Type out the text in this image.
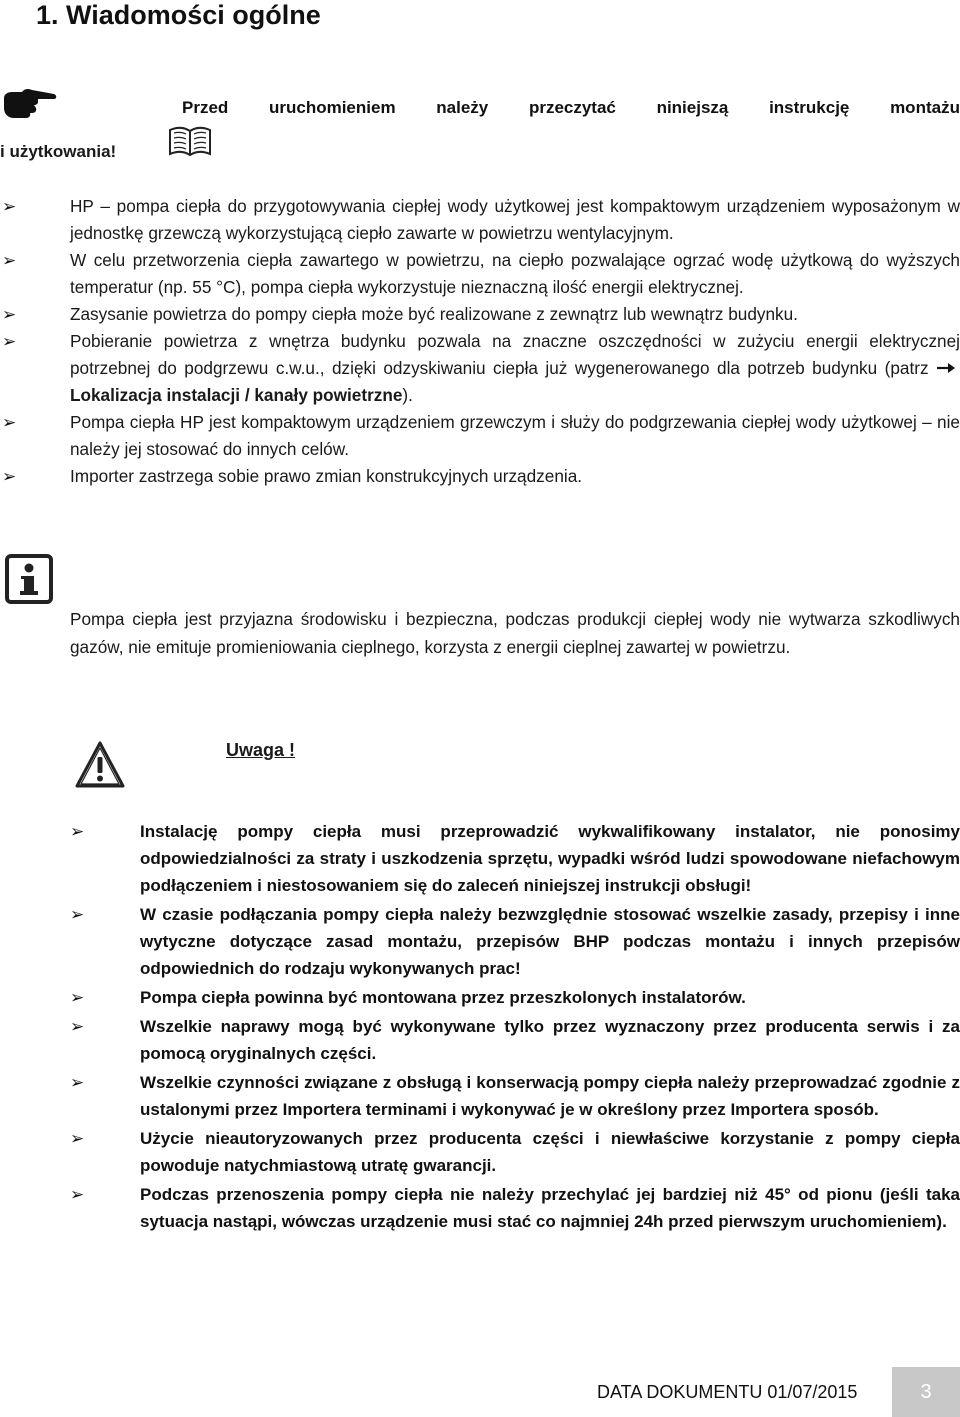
1. Wiadomości ogólne
Przed uruchomieniem należy przeczytać niniejszą instrukcję montażu
i użytkowania!
➢	HP – pompa ciepła do przygotowywania ciepłej wody użytkowej jest kompaktowym urządzeniem wyposażonym w jednostkę grzewczą wykorzystującą ciepło zawarte w powietrzu wentylacyjnym.
➢	W celu przetworzenia ciepła zawartego w powietrzu, na ciepło pozwalające ogrzać wodę użytkową do wyższych temperatur (np. 55 °C), pompa ciepła wykorzystuje nieznaczną ilość energii elektrycznej.
➢	Zasysanie powietrza do pompy ciepła może być realizowane z zewnątrz lub wewnątrz budynku.
➢	Pobieranie powietrza z wnętrza budynku pozwala na znaczne oszczędności w zużyciu energii elektrycznej potrzebnej do podgrzewu c.w.u., dzięki odzyskiwaniu ciepła już wygenerowanego dla potrzeb budynku (patrz Lokalizacja instalacji / kanały powietrzne).
➢	Pompa ciepła HP jest kompaktowym urządzeniem grzewczym i służy do podgrzewania ciepłej wody użytkowej – nie należy jej stosować do innych celów.
➢	Importer zastrzega sobie prawo zmian konstrukcyjnych urządzenia.
Pompa ciepła jest przyjazna środowisku i bezpieczna, podczas produkcji ciepłej wody nie wytwarza szkodliwych gazów, nie emituje promieniowania cieplnego, korzysta z energii cieplnej zawartej w powietrzu.
Uwaga !
➢	Instalację pompy ciepła musi przeprowadzić wykwalifikowany instalator, nie ponosimy odpowiedzialności za straty i uszkodzenia sprzętu, wypadki wśród ludzi spowodowane niefachowym podłączeniem i niestosowaniem się do zaleceń niniejszej instrukcji obsługi!
➢	W czasie podłączania pompy ciepła należy bezwzględnie stosować wszelkie zasady, przepisy i inne wytyczne dotyczące zasad montażu, przepisów BHP podczas montażu i innych przepisów odpowiednich do rodzaju wykonywanych prac!
➢	Pompa ciepła powinna być montowana przez przeszkolonych instalatorów.
➢	Wszelkie naprawy mogą być wykonywane tylko przez wyznaczony przez producenta serwis i za pomocą oryginalnych części.
➢	Wszelkie czynności związane z obsługą i konserwacją pompy ciepła należy przeprowadzać zgodnie z ustalonymi przez Importera terminami i wykonywać je w określony przez Importera sposób.
➢	Użycie nieautoryzowanych przez producenta części i niewłaściwe korzystanie z pompy ciepła powoduje natychmiastową utratę gwarancji.
➢	Podczas przenoszenia pompy ciepła nie należy przechylać jej bardziej niż 45° od pionu (jeśli taka sytuacja nastąpi, wówczas urządzenie musi stać co najmniej 24h przed pierwszym uruchomieniem).
DATA DOKUMENTU 01/07/2015	3
